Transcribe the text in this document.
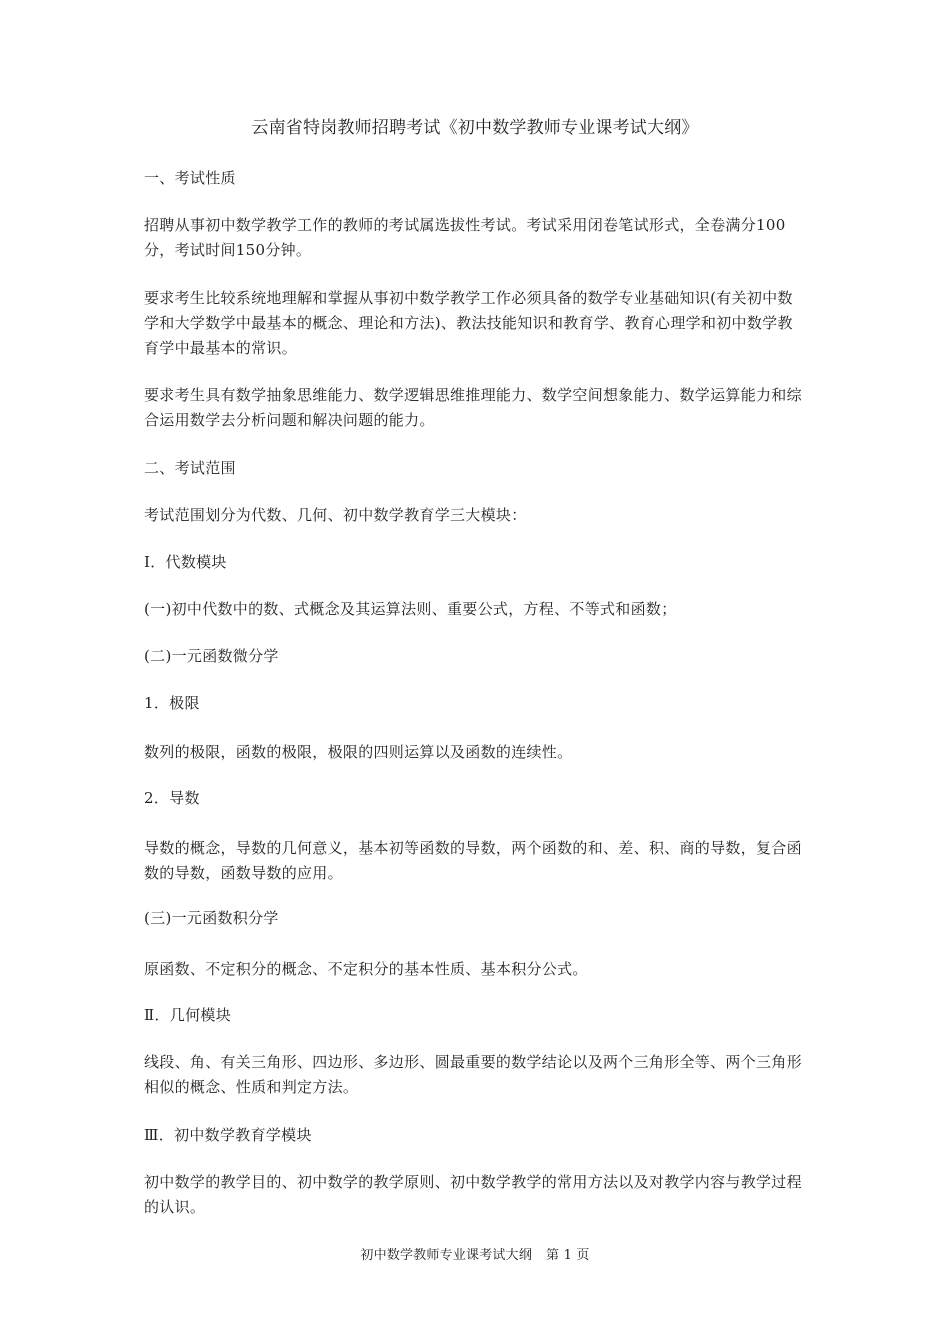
云南省特岗教师招聘考试《初中数学教师专业课考试大纲》
一、考试性质
招聘从事初中数学教学工作的教师的考试属选拔性考试。考试采用闭卷笔试形式，全卷满分100分，考试时间150分钟。
要求考生比较系统地理解和掌握从事初中数学教学工作必须具备的数学专业基础知识(有关初中数学和大学数学中最基本的概念、理论和方法)、教法技能知识和教育学、教育心理学和初中数学教育学中最基本的常识。
要求考生具有数学抽象思维能力、数学逻辑思维推理能力、数学空间想象能力、数学运算能力和综合运用数学去分析问题和解决问题的能力。
二、考试范围
考试范围划分为代数、几何、初中数学教育学三大模块：
Ⅰ．代数模块
(一)初中代数中的数、式概念及其运算法则、重要公式，方程、不等式和函数；
(二)一元函数微分学
1．极限
数列的极限，函数的极限，极限的四则运算以及函数的连续性。
2．导数
导数的概念，导数的几何意义，基本初等函数的导数，两个函数的和、差、积、商的导数，复合函数的导数，函数导数的应用。
(三)一元函数积分学
原函数、不定积分的概念、不定积分的基本性质、基本积分公式。
Ⅱ．几何模块
线段、角、有关三角形、四边形、多边形、圆最重要的数学结论以及两个三角形全等、两个三角形相似的概念、性质和判定方法。
Ⅲ．初中数学教育学模块
初中数学的教学目的、初中数学的教学原则、初中数学教学的常用方法以及对教学内容与教学过程的认识。
初中数学教师专业课考试大纲 第 1 页
